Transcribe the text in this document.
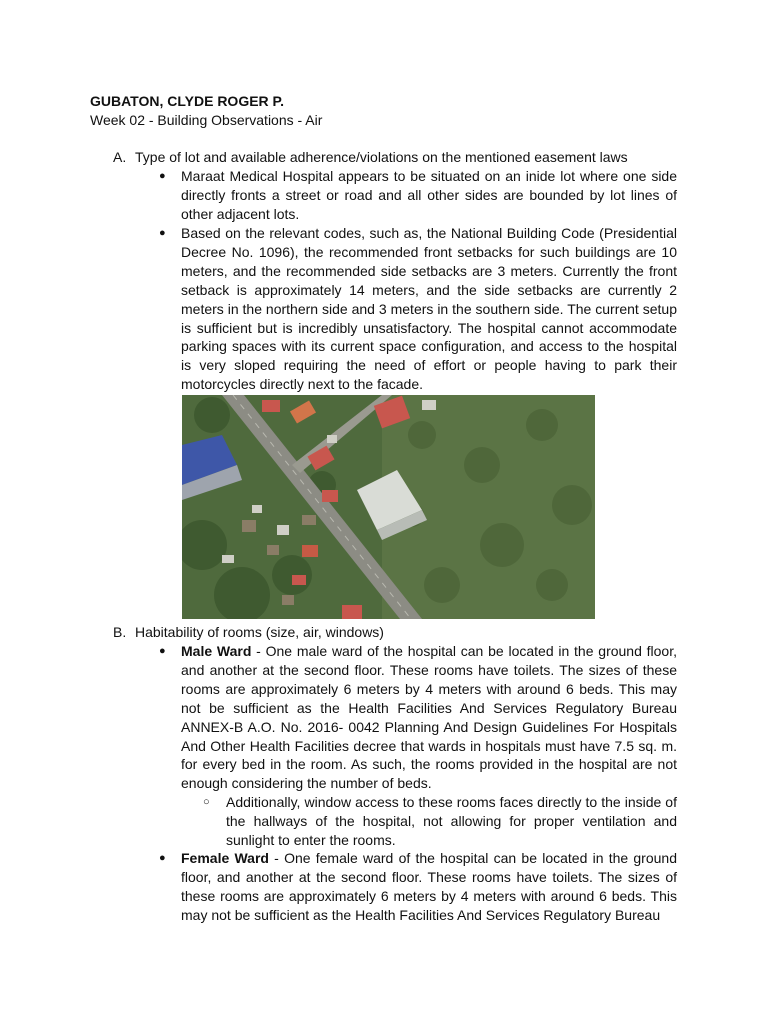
GUBATON, CLYDE ROGER P.
Week 02 - Building Observations - Air
A. Type of lot and available adherence/violations on the mentioned easement laws
● Maraat Medical Hospital appears to be situated on an inide lot where one side directly fronts a street or road and all other sides are bounded by lot lines of other adjacent lots.

● Based on the relevant codes, such as, the National Building Code (Presidential Decree No. 1096), the recommended front setbacks for such buildings are 10 meters, and the recommended side setbacks are 3 meters. Currently the front setback is approximately 14 meters, and the side setbacks are currently 2 meters in the northern side and 3 meters in the southern side. The current setup is sufficient but is incredibly unsatisfactory. The hospital cannot accommodate parking spaces with its current space configuration, and access to the hospital is very sloped requiring the need of effort or people having to park their motorcycles directly next to the facade.

B. Habitability of rooms (size, air, windows)
● Male Ward - One male ward of the hospital can be located in the ground floor, and another at the second floor. These rooms have toilets. The sizes of these rooms are approximately 6 meters by 4 meters with around 6 beds. This may not be sufficient as the Health Facilities And Services Regulatory Bureau ANNEX-B A.O. No. 2016- 0042 Planning And Design Guidelines For Hospitals And Other Health Facilities decree that wards in hospitals must have 7.5 sq. m. for every bed in the room. As such, the rooms provided in the hospital are not enough considering the number of beds.

○ Additionally, window access to these rooms faces directly to the inside of the hallways of the hospital, not allowing for proper ventilation and sunlight to enter the rooms.

● Female Ward - One female ward of the hospital can be located in the ground floor, and another at the second floor. These rooms have toilets. The sizes of these rooms are approximately 6 meters by 4 meters with around 6 beds. This may not be sufficient as the Health Facilities And Services Regulatory Bureau
